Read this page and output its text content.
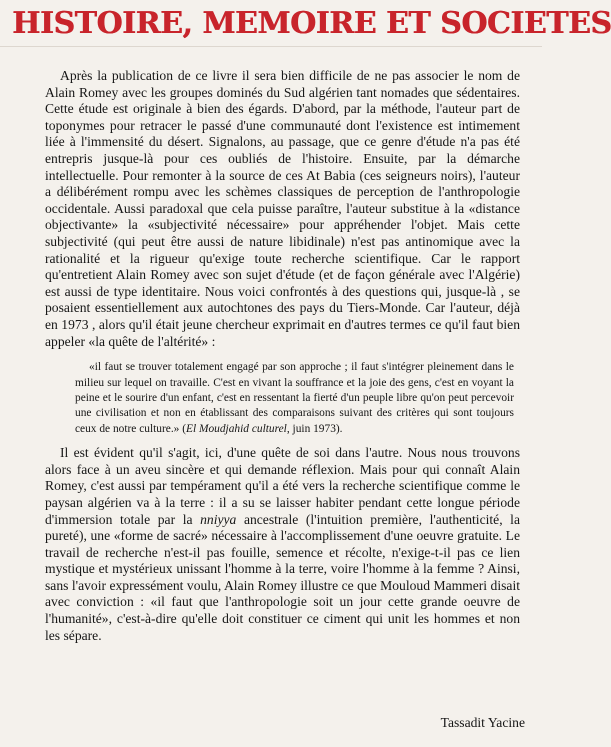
HISTOIRE, MEMOIRE ET SOCIETES

Après la publication de ce livre il sera bien difficile de ne pas associer le nom de Alain Romey avec les groupes dominés du Sud algérien tant nomades que sédentaires. Cette étude est originale à bien des égards. D'abord, par la méthode, l'auteur part de toponymes pour retracer le passé d'une communauté dont l'existence est intimement liée à l'immensité du désert. Signalons, au passage, que ce genre d'étude n'a pas été entrepris jusque-là pour ces oubliés de l'histoire. Ensuite, par la démarche intellectuelle. Pour remonter à la source de ces At Babia (ces seigneurs noirs), l'auteur a délibérément rompu avec les schèmes classiques de perception de l'anthropologie occidentale. Aussi paradoxal que cela puisse paraître, l'auteur substitue à la «distance objectivante» la «subjectivité nécessaire» pour appréhender l'objet. Mais cette subjectivité (qui peut être aussi de nature libidinale) n'est pas antinomique avec la rationalité et la rigueur qu'exige toute recherche scientifique. Car le rapport qu'entretient Alain Romey avec son sujet d'étude (et de façon générale avec l'Algérie) est aussi de type identitaire. Nous voici confrontés à des questions qui, jusque-là , se posaient essentiellement aux autochtones des pays du Tiers-Monde. Car l'auteur, déjà en 1973 , alors qu'il était jeune chercheur exprimait en d'autres termes ce qu'il faut bien appeler «la quête de l'altérité» :

«il faut se trouver totalement engagé par son approche ; il faut s'intégrer pleinement dans le milieu sur lequel on travaille. C'est en vivant la souffrance et la joie des gens, c'est en voyant la peine et le sourire d'un enfant, c'est en ressentant la fierté d'un peuple libre qu'on peut percevoir une civilisation et non en établissant des comparaisons suivant des critères qui sont toujours ceux de notre culture.» (El Moudjahid culturel, juin 1973).

Il est évident qu'il s'agit, ici, d'une quête de soi dans l'autre. Nous nous trouvons alors face à un aveu sincère et qui demande réflexion. Mais pour qui connaît Alain Romey, c'est aussi par tempérament qu'il a été vers la recherche scientifique comme le paysan algérien va à la terre : il a su se laisser habiter pendant cette longue période d'immersion totale par la nniyya ancestrale (l'intuition première, l'authenticité, la pureté), une «forme de sacré» nécessaire à l'accomplissement d'une oeuvre gratuite. Le travail de recherche n'est-il pas fouille, semence et récolte, n'exige-t-il pas ce lien mystique et mystérieux unissant l'homme à la terre, voire l'homme à la femme ? Ainsi, sans l'avoir expressément voulu, Alain Romey illustre ce que Mouloud Mammeri disait avec conviction : «il faut que l'anthropologie soit un jour cette grande oeuvre de l'humanité», c'est-à-dire qu'elle doit constituer ce ciment qui unit les hommes et non les sépare.

Tassadit Yacine
